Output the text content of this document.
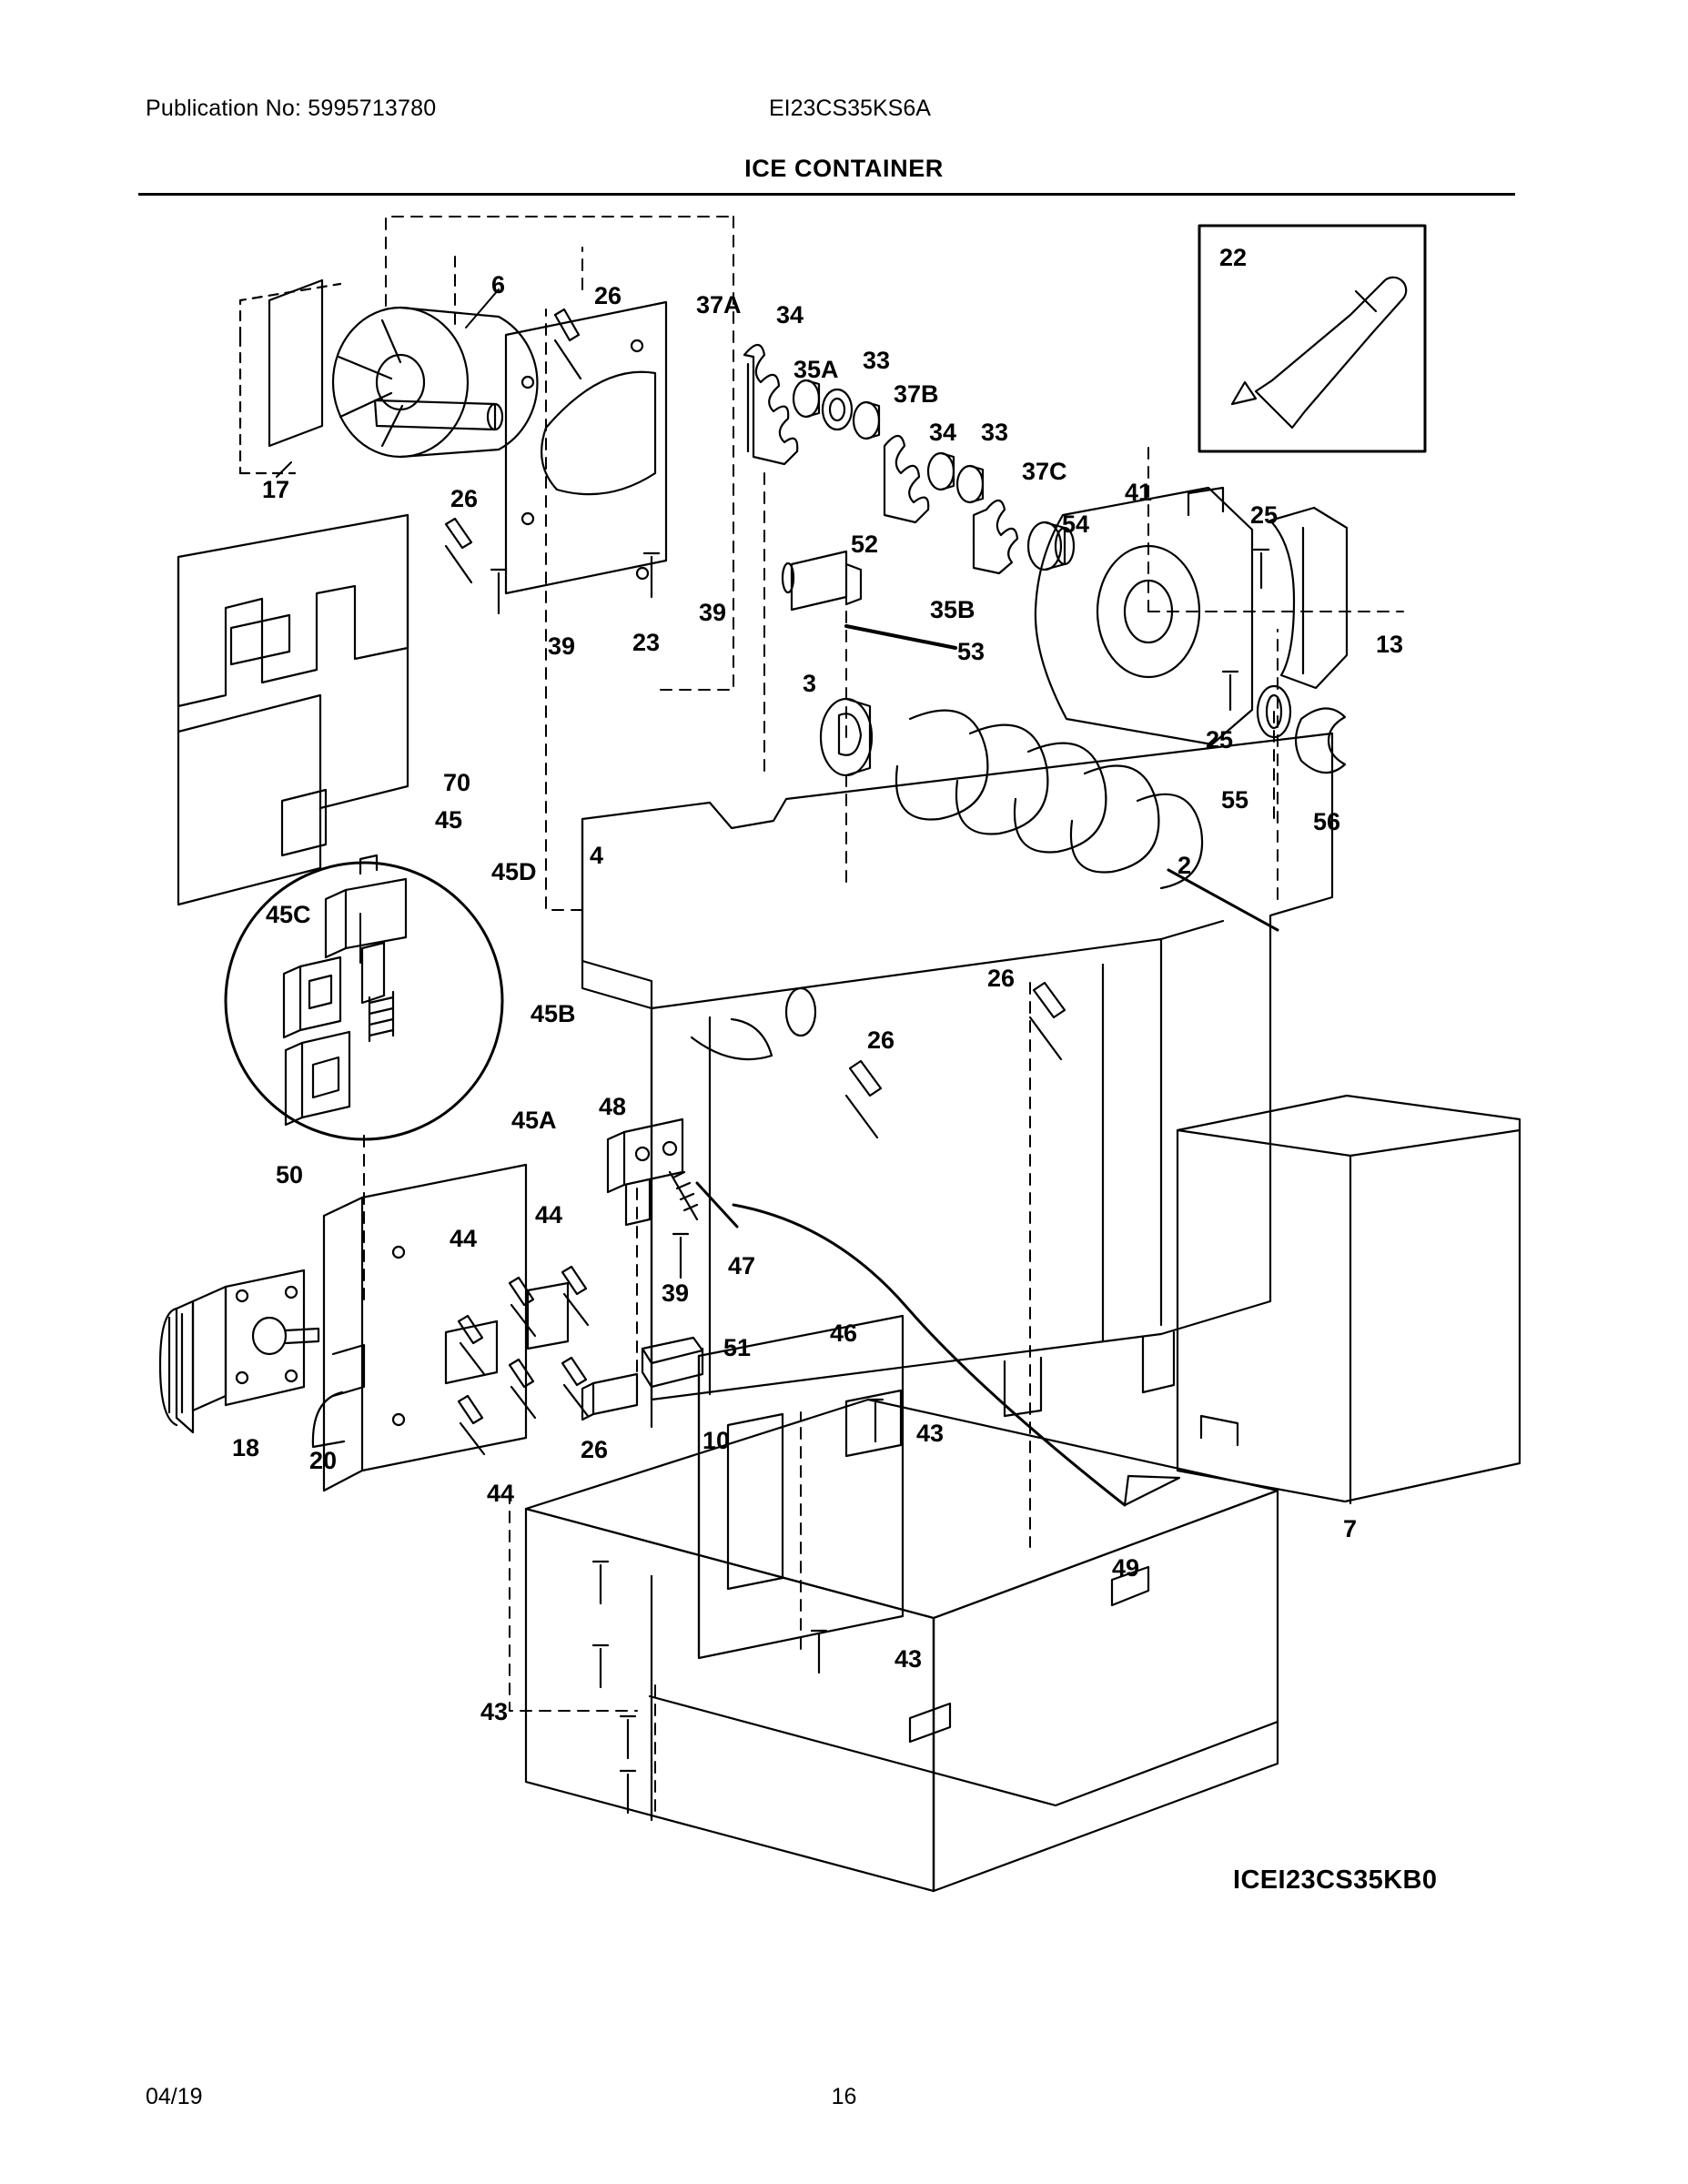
Publication No: 5995713780	EI23CS35KS6A
ICE CONTAINER
6	26	37A 34
35A 33
37B
34 33
37C
41
25
17	26
52
54
35B
39
23
39	13
53
3
25
55
56
70
4	2
45
45D
45C
45B
26
26
45A
50
48
44
44
47
39
51
46
7
18 20	26	10	43
44
49
43
43
22
ICEI23CS35KB0
04/19	16
